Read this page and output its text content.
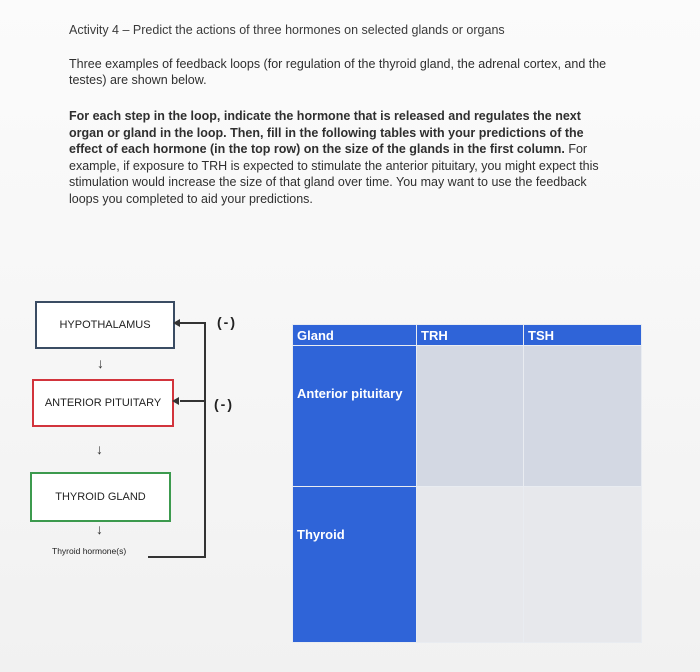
Activity 4 – Predict the actions of three hormones on selected glands or organs
Three examples of feedback loops (for regulation of the thyroid gland, the adrenal cortex, and the testes) are shown below.
For each step in the loop, indicate the hormone that is released and regulates the next organ or gland in the loop. Then, fill in the following tables with your predictions of the effect of each hormone (in the top row) on the size of the glands in the first column. For example, if exposure to TRH is expected to stimulate the anterior pituitary, you might expect this stimulation would increase the size of that gland over time. You may want to use the feedback loops you completed to aid your predictions.
HYPOTHALAMUS
↓
ANTERIOR PITUITARY
↓
THYROID GLAND
↓
Thyroid hormone(s)
(-)
(-)
Gland	TRH	TSH
Anterior pituitary		
Thyroid		
